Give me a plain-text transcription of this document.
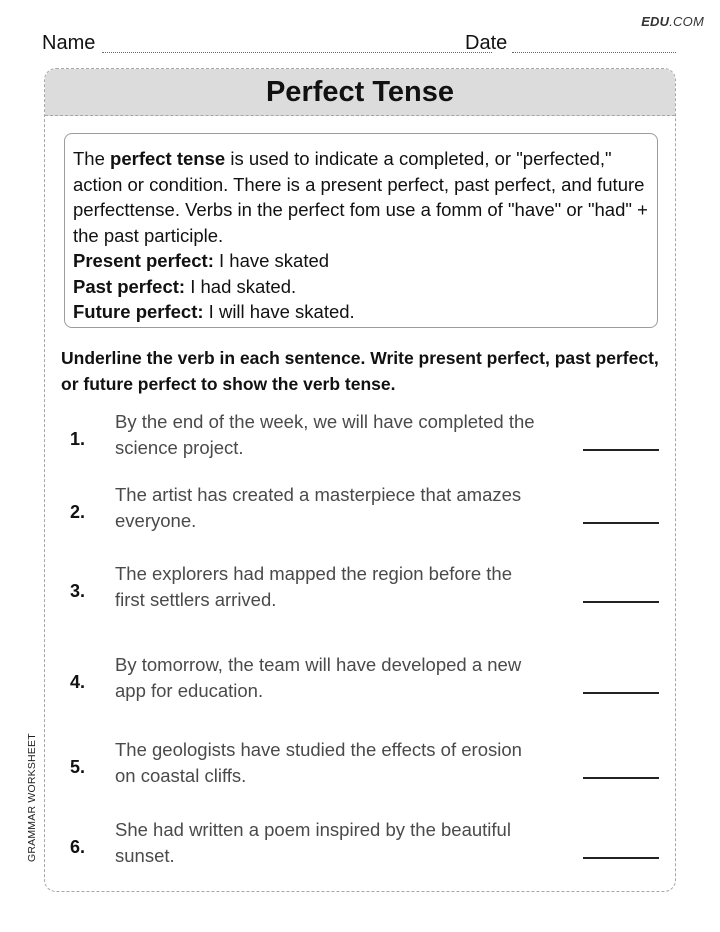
EDU.COM
Name	Date
Perfect Tense

The perfect tense is used to indicate a completed, or "perfected," action or condition. There is a present perfect, past perfect, and future perfecttense. Verbs in the perfect fom use a fomm of "have" or "had" + the past participle.

Present perfect: I have skated

Past perfect: I had skated.

Future perfect: I will have skated.

Underline the verb in each sentence. Write present perfect, past perfect, or future perfect to show the verb tense.
1.
By the end of the week, we will have completed the science project.
2.
The artist has created a masterpiece that amazes everyone.
3.
The explorers had mapped the region before the first settlers arrived.
4.
By tomorrow, the team will have developed a new app for education.
5.
The geologists have studied the effects of erosion on coastal cliffs.
6.
She had written a poem inspired by the beautiful sunset.
GRAMMAR WORKSHEET
